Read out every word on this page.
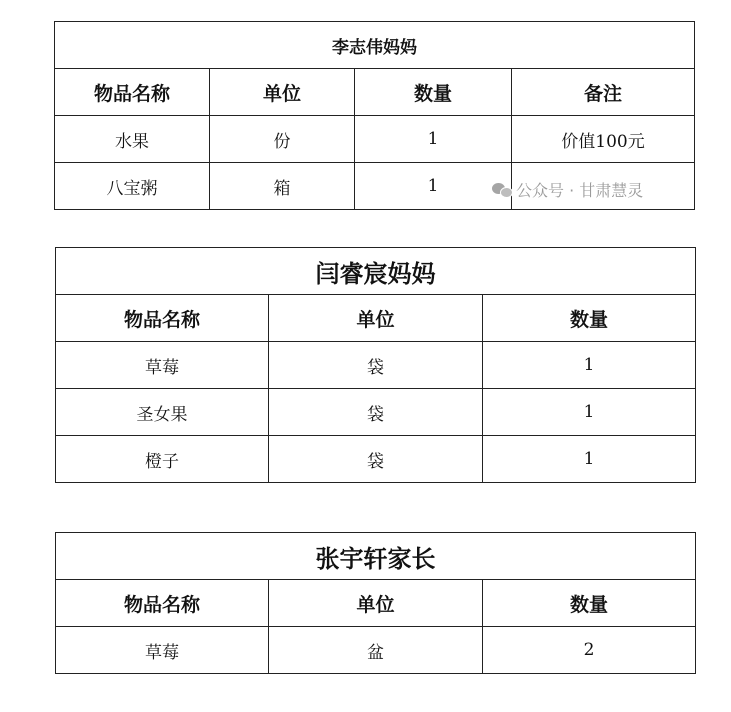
李志伟妈妈			
物品名称	单位	数量	备注
水果	份	1	价值100元
八宝粥	箱	1		公众号 · 甘肃慧灵
闫睿宸妈妈		
物品名称	单位	数量
草莓	袋	1
圣女果	袋	1
橙子	袋	1
张宇轩家长		
物品名称	单位	数量
草莓	盆	2
